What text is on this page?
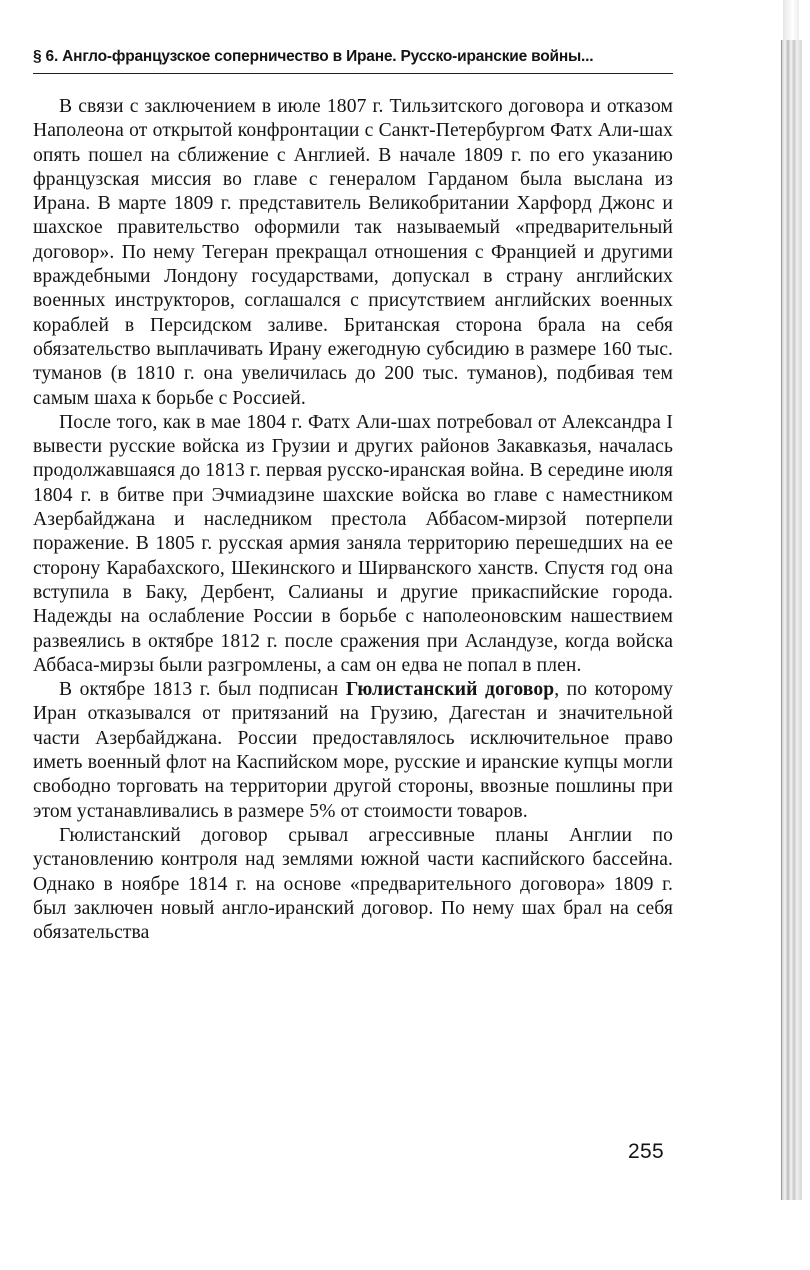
§ 6. Англо-французское соперничество в Иране. Русско-иранские войны...

В связи с заключением в июле 1807 г. Тильзитского договора и отказом Наполеона от открытой конфронтации с Санкт-Петербургом Фатх Али-шах опять пошел на сближение с Англией. В начале 1809 г. по его указанию французская миссия во главе с генералом Гарданом была выслана из Ирана. В марте 1809 г. представитель Великобритании Харфорд Джонс и шахское правительство оформили так называемый «предварительный договор». По нему Тегеран прекращал отношения с Францией и другими враждебными Лондону государствами, допускал в страну английских военных инструкторов, соглашался с присутствием английских военных кораблей в Персидском заливе. Британская сторона брала на себя обязательство выплачивать Ирану ежегодную субсидию в размере 160 тыс. туманов (в 1810 г. она увеличилась до 200 тыс. туманов), подбивая тем самым шаха к борьбе с Россией.

После того, как в мае 1804 г. Фатх Али-шах потребовал от Александра I вывести русские войска из Грузии и других районов Закавказья, началась продолжавшаяся до 1813 г. первая русско-иранская война. В середине июля 1804 г. в битве при Эчмиадзине шахские войска во главе с наместником Азербайджана и наследником престола Аббасом-мирзой потерпели поражение. В 1805 г. русская армия заняла территорию перешедших на ее сторону Карабахского, Шекинского и Ширванского ханств. Спустя год она вступила в Баку, Дербент, Салианы и другие прикаспийские города. Надежды на ослабление России в борьбе с наполеоновским нашествием развеялись в октябре 1812 г. после сражения при Асландузе, когда войска Аббаса-мирзы были разгромлены, а сам он едва не попал в плен.

В октябре 1813 г. был подписан Гюлистанский договор, по которому Иран отказывался от притязаний на Грузию, Дагестан и значительной части Азербайджана. России предоставлялось исключительное право иметь военный флот на Каспийском море, русские и иранские купцы могли свободно торговать на территории другой стороны, ввозные пошлины при этом устанавливались в размере 5% от стоимости товаров.

Гюлистанский договор срывал агрессивные планы Англии по установлению контроля над землями южной части каспийского бассейна. Однако в ноябре 1814 г. на основе «предварительного договора» 1809 г. был заключен новый англо-иранский договор. По нему шах брал на себя обязательства

255
